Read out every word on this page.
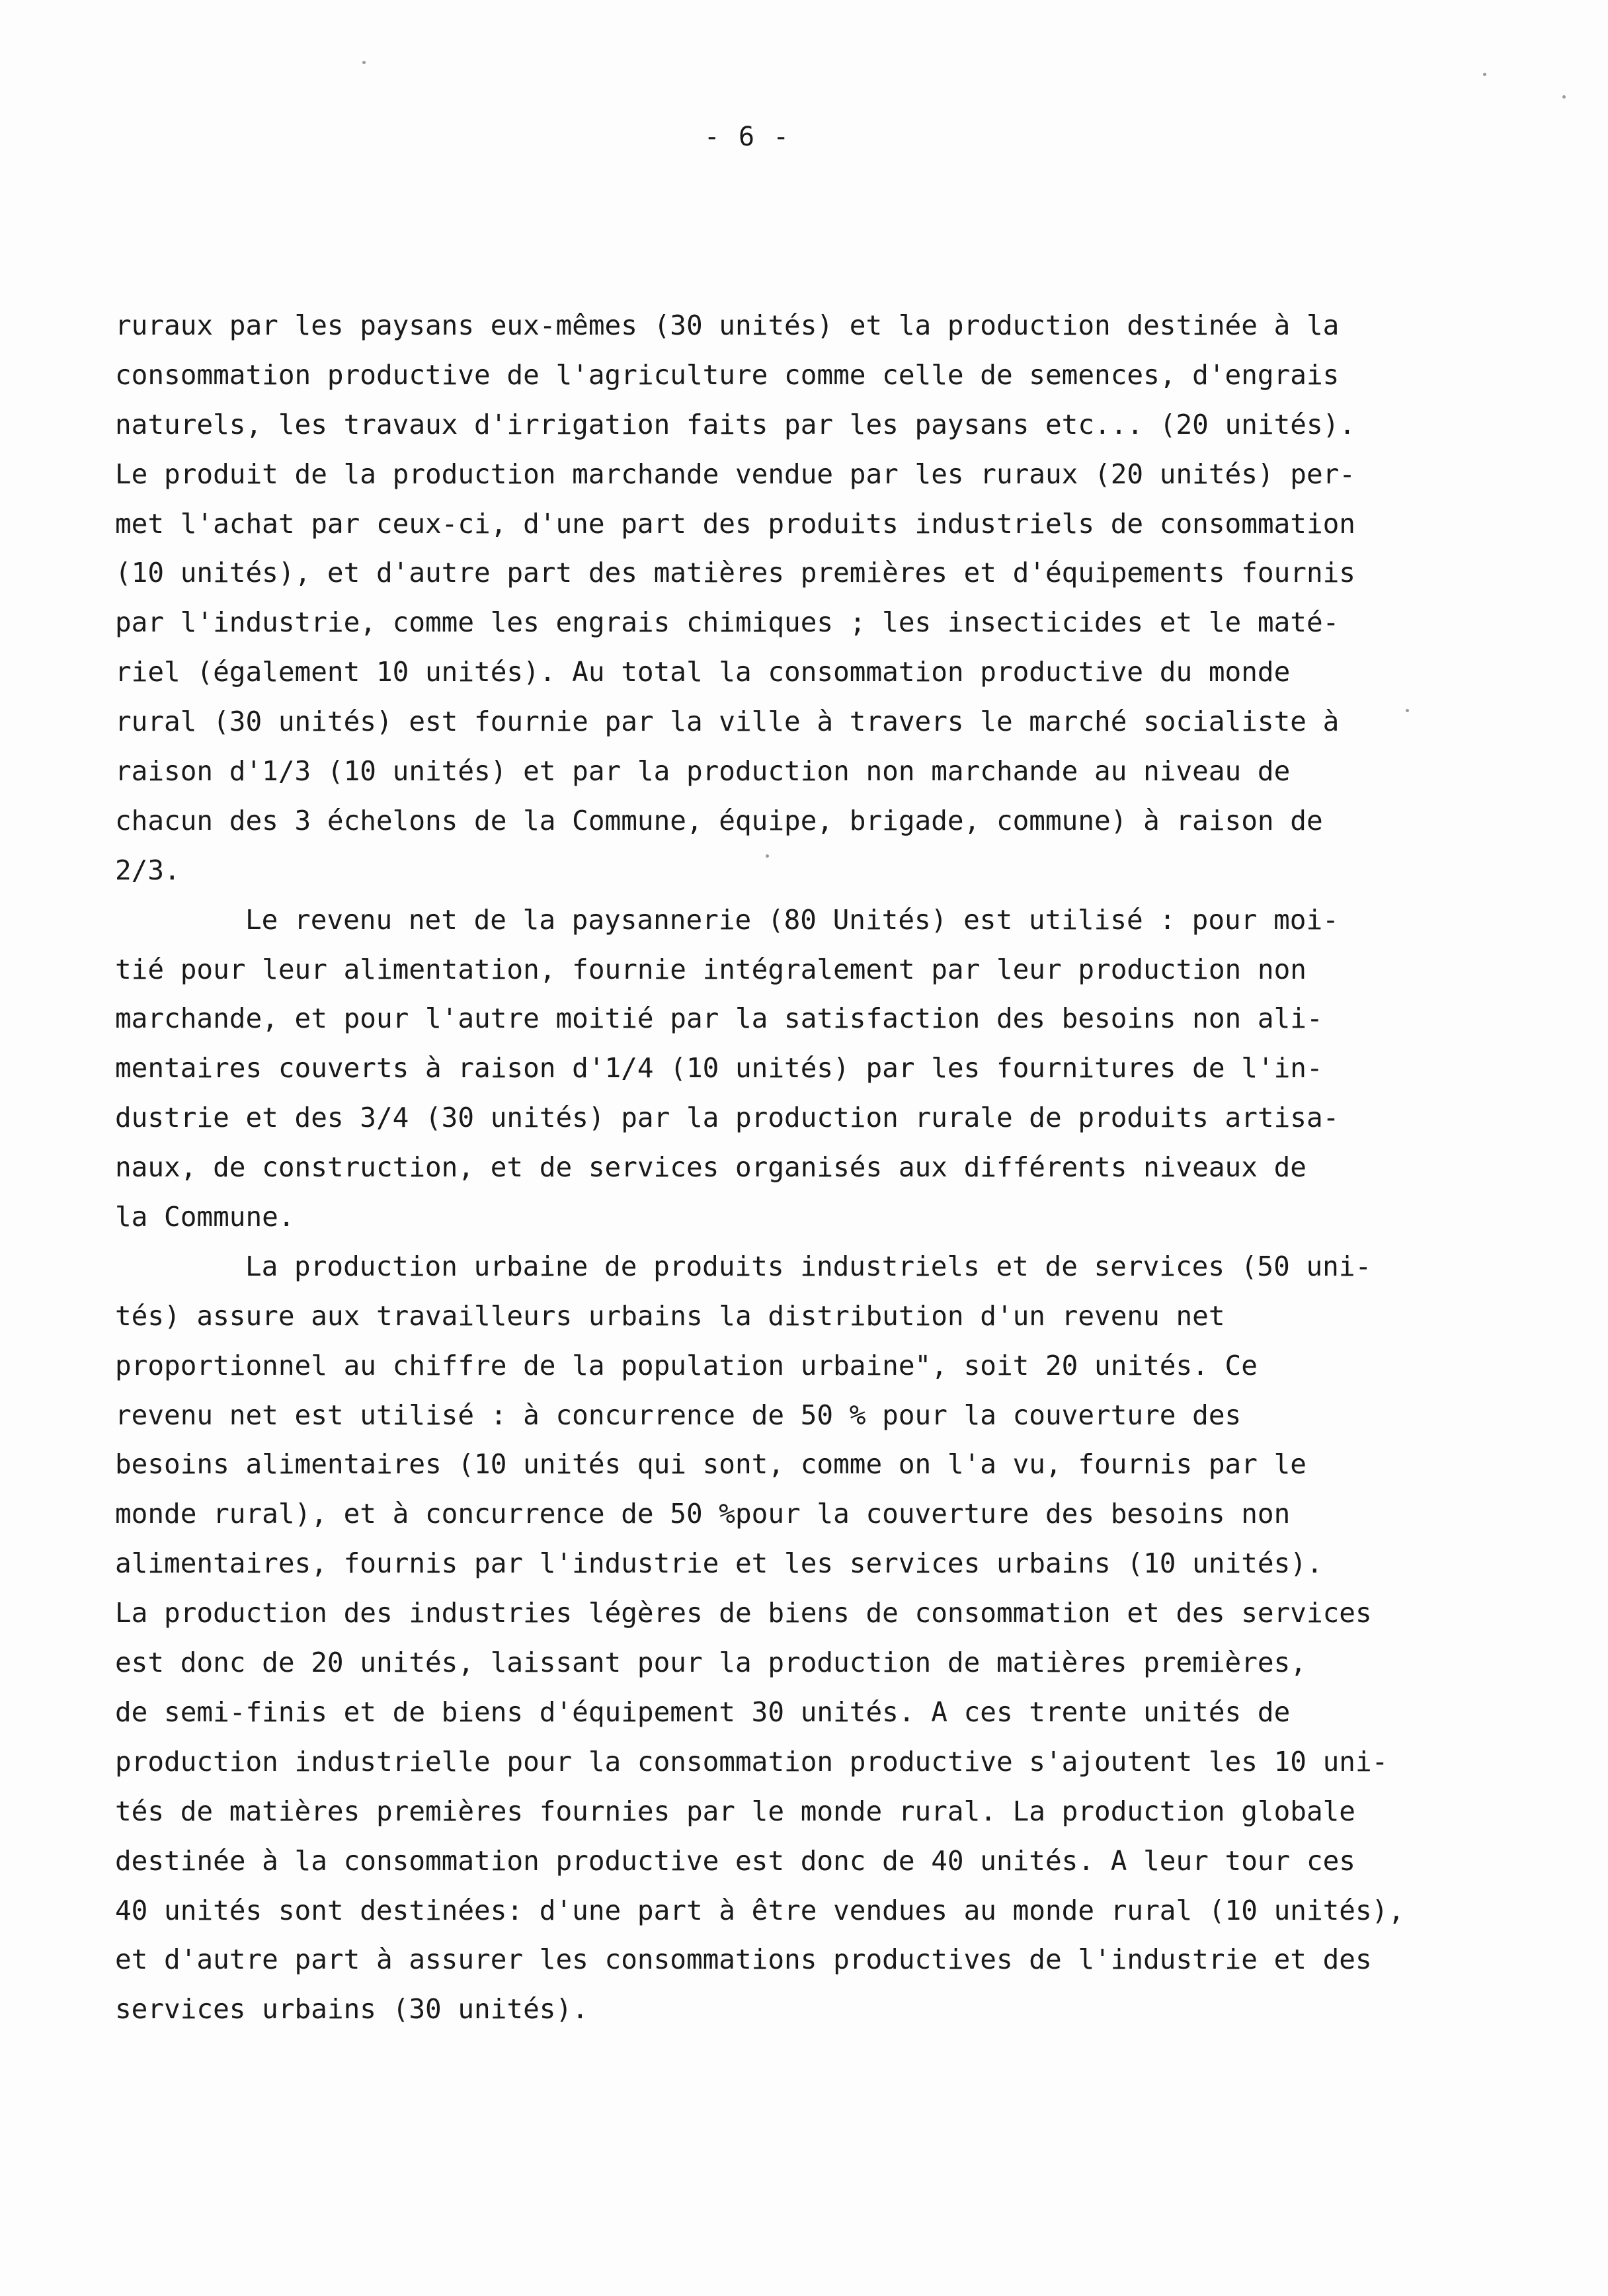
- 6 -
ruraux par les paysans eux-mêmes (30 unités) et la production destinée à la
consommation productive de l'agriculture comme celle de semences, d'engrais
naturels, les travaux d'irrigation faits par les paysans etc... (20 unités).
Le produit de la production marchande vendue par les ruraux (20 unités) per-
met l'achat par ceux-ci, d'une part des produits industriels de consommation
(10 unités), et d'autre part des matières premières et d'équipements fournis
par l'industrie, comme les engrais chimiques ; les insecticides et le maté-
riel (également 10 unités). Au total la consommation productive du monde
rural (30 unités) est fournie par la ville à travers le marché socialiste à
raison d'1/3 (10 unités) et par la production non marchande au niveau de
chacun des 3 échelons de la Commune, équipe, brigade, commune) à raison de
2/3.
Le revenu net de la paysannerie (80 Unités) est utilisé : pour moi-
tié pour leur alimentation, fournie intégralement par leur production non
marchande, et pour l'autre moitié par la satisfaction des besoins non ali-
mentaires couverts à raison d'1/4 (10 unités) par les fournitures de l'in-
dustrie et des 3/4 (30 unités) par la production rurale de produits artisa-
naux, de construction, et de services organisés aux différents niveaux de
la Commune.
La production urbaine de produits industriels et de services (50 uni-
tés) assure aux travailleurs urbains la distribution d'un revenu net
proportionnel au chiffre de la population urbaine", soit 20 unités. Ce
revenu net est utilisé : à concurrence de 50 % pour la couverture des
besoins alimentaires (10 unités qui sont, comme on l'a vu, fournis par le
monde rural), et à concurrence de 50 %pour la couverture des besoins non
alimentaires, fournis par l'industrie et les services urbains (10 unités).
La production des industries légères de biens de consommation et des services
est donc de 20 unités, laissant pour la production de matières premières,
de semi-finis et de biens d'équipement 30 unités. A ces trente unités de
production industrielle pour la consommation productive s'ajoutent les 10 uni-
tés de matières premières fournies par le monde rural. La production globale
destinée à la consommation productive est donc de 40 unités. A leur tour ces
40 unités sont destinées: d'une part à être vendues au monde rural (10 unités),
et d'autre part à assurer les consommations productives de l'industrie et des
services urbains (30 unités).
